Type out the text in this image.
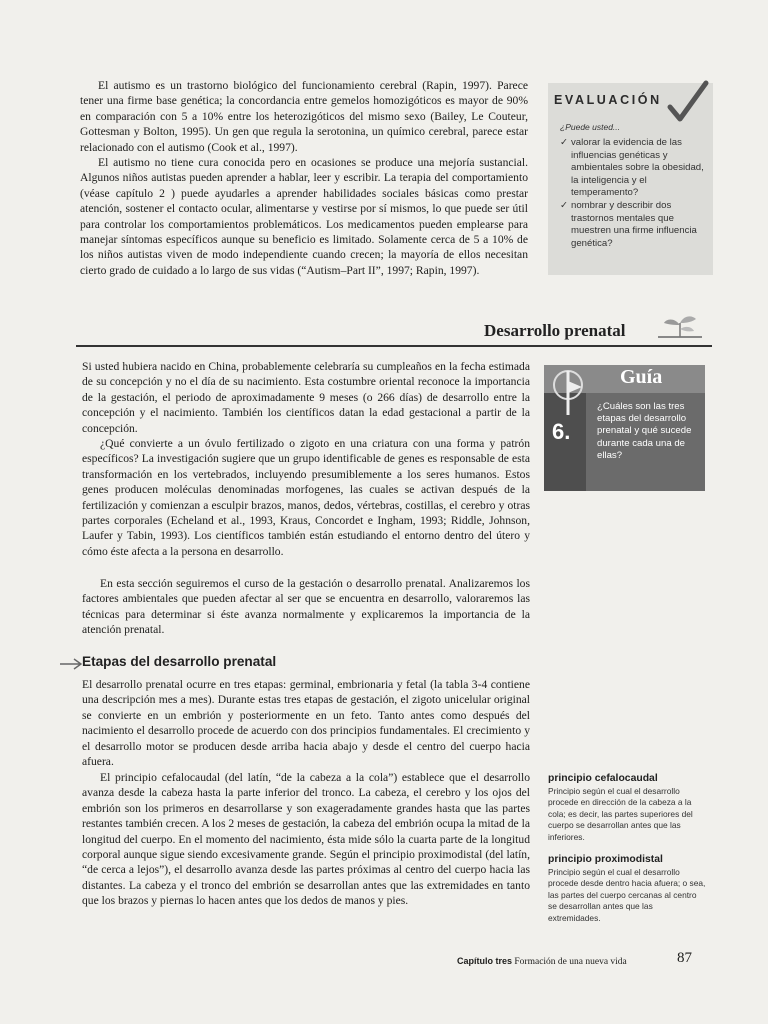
El autismo es un trastorno biológico del funcionamiento cerebral (Rapin, 1997). Parece tener una firme base genética; la concordancia entre gemelos homozigóticos es mayor de 90% en comparación con 5 a 10% entre los heterozigóticos del mismo sexo (Bailey, Le Couteur, Gottesman y Bolton, 1995). Un gen que regula la serotonina, un químico cerebral, parece estar relacionado con el autismo (Cook et al., 1997).

El autismo no tiene cura conocida pero en ocasiones se produce una mejoría sustancial. Algunos niños autistas pueden aprender a hablar, leer y escribir. La terapia del comportamiento (véase capítulo 2 ) puede ayudarles a aprender habilidades sociales básicas como prestar atención, sostener el contacto ocular, alimentarse y vestirse por sí mismos, lo que puede ser útil para controlar los comportamientos problemáticos. Los medicamentos pueden emplearse para manejar síntomas específicos aunque su beneficio es limitado. Solamente cerca de 5 a 10% de los niños autistas viven de modo independiente cuando crecen; la mayoría de ellos necesitan cierto grado de cuidado a lo largo de sus vidas (“Autism–Part II”, 1997; Rapin, 1997).

EVALUACIÓN
¿Puede usted...
✓ valorar la evidencia de las influencias genéticas y ambientales sobre la obesidad, la inteligencia y el temperamento?
✓ nombrar y describir dos trastornos mentales que muestren una firme influencia genética?
Desarrollo prenatal
Guía
6.
¿Cuáles son las tres etapas del desarrollo prenatal y qué sucede durante cada una de ellas?

Si usted hubiera nacido en China, probablemente celebraría su cumpleaños en la fecha estimada de su concepción y no el día de su nacimiento. Esta costumbre oriental reconoce la importancia de la gestación, el periodo de aproximadamente 9 meses (o 266 días) de desarrollo entre la concepción y el nacimiento. También los científicos datan la edad gestacional a partir de la concepción.

¿Qué convierte a un óvulo fertilizado o zigoto en una criatura con una forma y patrón específicos? La investigación sugiere que un grupo identificable de genes es responsable de esta transformación en los vertebrados, incluyendo presumiblemente a los seres humanos. Estos genes producen moléculas denominadas morfogenes, las cuales se activan después de la fertilización y comienzan a esculpir brazos, manos, dedos, vértebras, costillas, el cerebro y otras partes corporales (Echeland et al., 1993, Kraus, Concordet e Ingham, 1993; Riddle, Johnson, Laufer y Tabin, 1993). Los científicos también están estudiando el entorno dentro del útero y cómo éste afecta a la persona en desarrollo.

En esta sección seguiremos el curso de la gestación o desarrollo prenatal. Analizaremos los factores ambientales que pueden afectar al ser que se encuentra en desarrollo, valoraremos las técnicas para determinar si éste avanza normalmente y explicaremos la importancia de la atención prenatal.

Etapas del desarrollo prenatal

El desarrollo prenatal ocurre en tres etapas: germinal, embrionaria y fetal (la tabla 3-4 contiene una descripción mes a mes). Durante estas tres etapas de gestación, el zigoto unicelular original se convierte en un embrión y posteriormente en un feto. Tanto antes como después del nacimiento el desarrollo procede de acuerdo con dos principios fundamentales. El crecimiento y el desarrollo motor se producen desde arriba hacia abajo y desde el centro del cuerpo hacia afuera.

El principio cefalocaudal (del latín, “de la cabeza a la cola”) establece que el desarrollo avanza desde la cabeza hasta la parte inferior del tronco. La cabeza, el cerebro y los ojos del embrión son los primeros en desarrollarse y son exageradamente grandes hasta que las partes restantes también crecen. A los 2 meses de gestación, la cabeza del embrión ocupa la mitad de la longitud del cuerpo. En el momento del nacimiento, ésta mide sólo la cuarta parte de la longitud corporal aunque sigue siendo excesivamente grande. Según el principio proximodistal (del latín, “de cerca a lejos”), el desarrollo avanza desde las partes próximas al centro del cuerpo hacia las distantes. La cabeza y el tronco del embrión se desarrollan antes que las extremidades en tanto que los brazos y piernas lo hacen antes que los dedos de manos y pies.

principio cefalocaudal
Principio según el cual el desarrollo procede en dirección de la cabeza a la cola; es decir, las partes superiores del cuerpo se desarrollan antes que las inferiores.
principio proximodistal
Principio según el cual el desarrollo procede desde dentro hacia afuera; o sea, las partes del cuerpo cercanas al centro se desarrollan antes que las extremidades.
Capítulo tres Formación de una nueva vida	87
